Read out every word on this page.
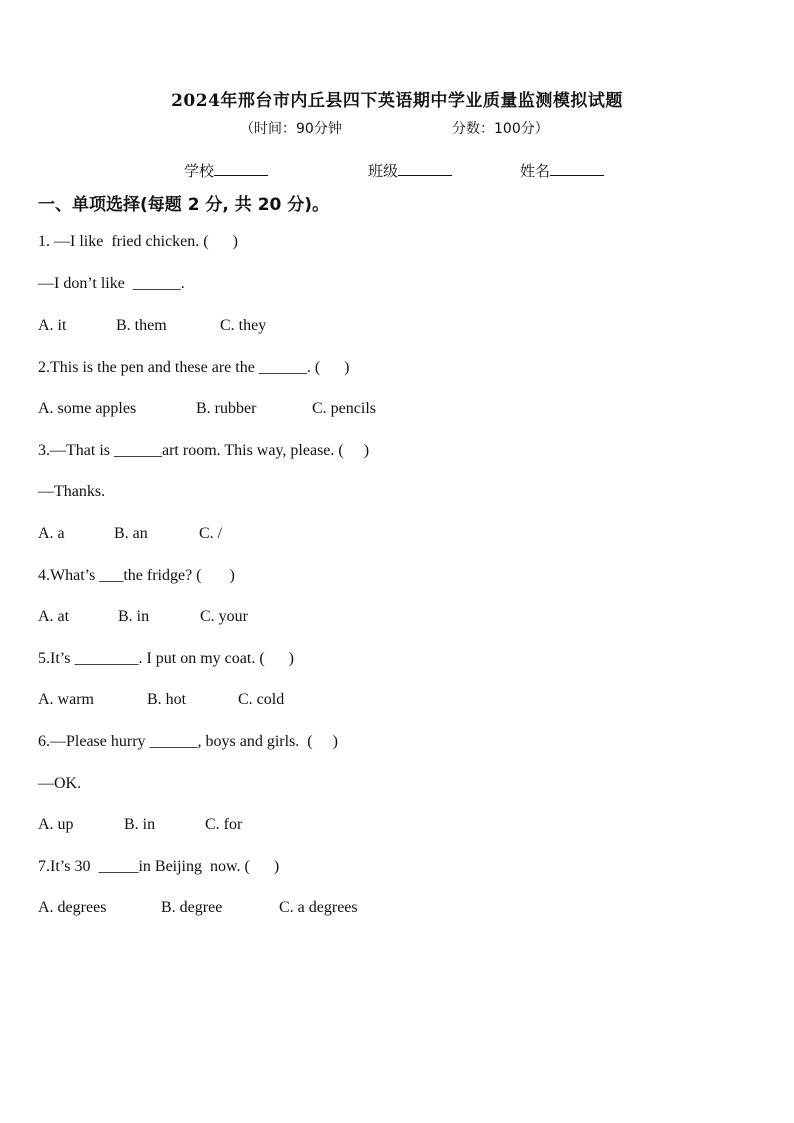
2024年邢台市内丘县四下英语期中学业质量监测模拟试题
（时间：90分钟	分数：100分）
学校	班级	姓名
一、单项选择(每题 2 分, 共 20 分)。
1. —I like  fried chicken. (      )
—I don’t like  ______.
A. it	B. them	C. they
2.This is the pen and these are the ______. (      )
A. some apples	B. rubber	C. pencils
3.—That is ______art room. This way, please. (     )
—Thanks.
A. a	B. an	C. /
4.What’s ___the fridge? (       )
A. at	B. in	C. your
5.It’s ________. I put on my coat. (      )
A. warm	B. hot	C. cold
6.—Please hurry ______, boys and girls.  (     )
—OK.
A. up	B. in	C. for
7.It’s 30  _____in Beijing  now. (      )
A. degrees	B. degree	C. a degrees
